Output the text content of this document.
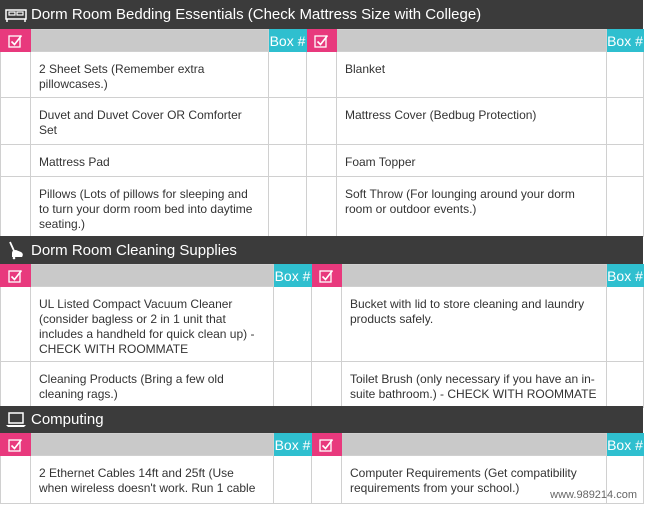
Dorm Room Bedding Essentials (Check Mattress Size with College)
		Box #			Box #
	2 Sheet Sets (Remember extra pillowcases.)			Blanket	
	Duvet and Duvet Cover OR Comforter Set			Mattress Cover (Bedbug Protection)	
	Mattress Pad			Foam Topper	
	Pillows (Lots of pillows for sleeping and to turn your dorm room bed into daytime seating.)			Soft Throw (For lounging around your dorm room or outdoor events.)	
Dorm Room Cleaning Supplies
		Box #			Box #
	UL Listed Compact Vacuum Cleaner (consider bagless or 2 in 1 unit that includes a handheld for quick clean up) - CHECK WITH ROOMMATE			Bucket with lid to store cleaning and laundry products safely.	
	Cleaning Products (Bring a few old cleaning rags.)			Toilet Brush (only necessary if you have an in-suite bathroom.) - CHECK WITH ROOMMATE	
Computing
		Box #			Box #
	2 Ethernet Cables 14ft and 25ft (Use when wireless doesn't work. Run 1 cable			Computer Requirements (Get compatibility requirements from your school.)		www.989214.com
